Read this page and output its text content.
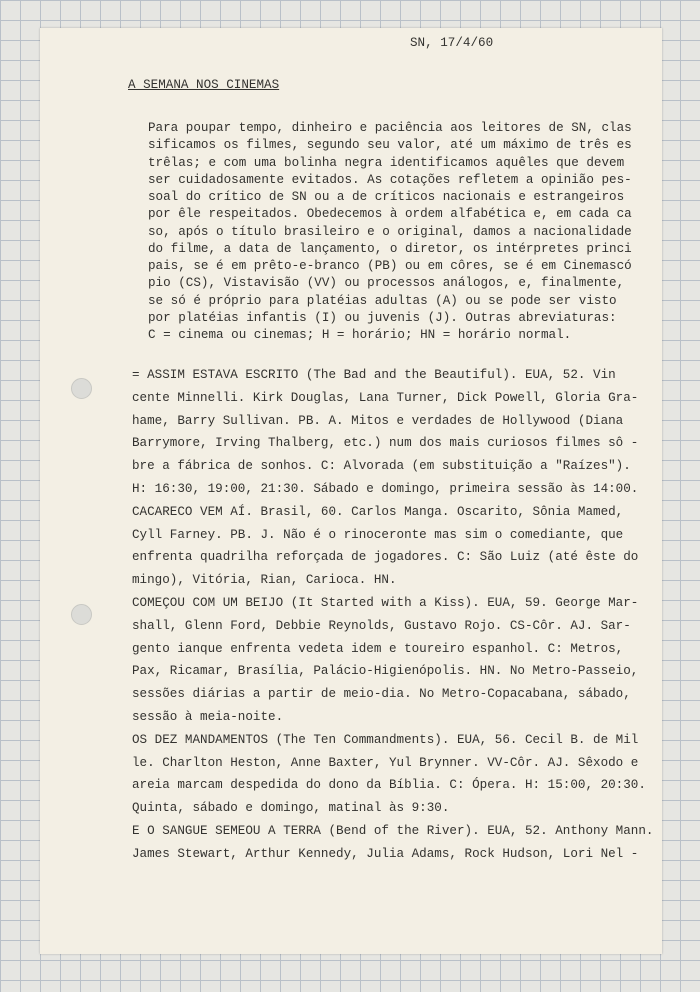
SN, 17/4/60
A SEMANA NOS CINEMAS
Para poupar tempo, dinheiro e paciência aos leitores de SN, clas
sificamos os filmes, segundo seu valor, até um máximo de três es
trêlas; e com uma bolinha negra identificamos aquêles que devem
ser cuidadosamente evitados. As cotações refletem a opinião pes-
soal do crítico de SN ou a de críticos nacionais e estrangeiros
por êle respeitados. Obedecemos à ordem alfabética e, em cada ca
so, após o título brasileiro e o original, damos a nacionalidade
do filme, a data de lançamento, o diretor, os intérpretes princi
pais, se é em prêto-e-branco (PB) ou em côres, se é em Cinemascó
pio (CS), Vistavisão (VV) ou processos análogos, e, finalmente,
se só é próprio para platéias adultas (A) ou se pode ser visto
por platéias infantis (I) ou juvenis (J). Outras abreviaturas:
C = cinema ou cinemas; H = horário; HN = horário normal.
= ASSIM ESTAVA ESCRITO (The Bad and the Beautiful). EUA, 52. Vin
cente Minnelli. Kirk Douglas, Lana Turner, Dick Powell, Gloria Gra-
hame, Barry Sullivan. PB. A. Mitos e verdades de Hollywood (Diana
Barrymore, Irving Thalberg, etc.) num dos mais curiosos filmes sô -
bre a fábrica de sonhos. C: Alvorada (em substituição a "Raízes").
H: 16:30, 19:00, 21:30. Sábado e domingo, primeira sessão às 14:00.
CACARECO VEM AÍ. Brasil, 60. Carlos Manga. Oscarito, Sônia Mamed,
Cyll Farney. PB. J. Não é o rinoceronte mas sim o comediante, que
enfrenta quadrilha reforçada de jogadores. C: São Luiz (até êste do
mingo), Vitória, Rian, Carioca. HN.
COMEÇOU COM UM BEIJO (It Started with a Kiss). EUA, 59. George Mar-
shall, Glenn Ford, Debbie Reynolds, Gustavo Rojo. CS-Côr. AJ. Sar-
gento ianque enfrenta vedeta idem e toureiro espanhol. C: Metros,
Pax, Ricamar, Brasília, Palácio-Higienópolis. HN. No Metro-Passeio,
sessões diárias a partir de meio-dia. No Metro-Copacabana, sábado,
sessão à meia-noite.
OS DEZ MANDAMENTOS (The Ten Commandments). EUA, 56. Cecil B. de Mil
le. Charlton Heston, Anne Baxter, Yul Brynner. VV-Côr. AJ. Sêxodo e
areia marcam despedida do dono da Bíblia. C: Ópera. H: 15:00, 20:30.
Quinta, sábado e domingo, matinal às 9:30.
E O SANGUE SEMEOU A TERRA (Bend of the River). EUA, 52. Anthony Mann.
James Stewart, Arthur Kennedy, Julia Adams, Rock Hudson, Lori Nel -
